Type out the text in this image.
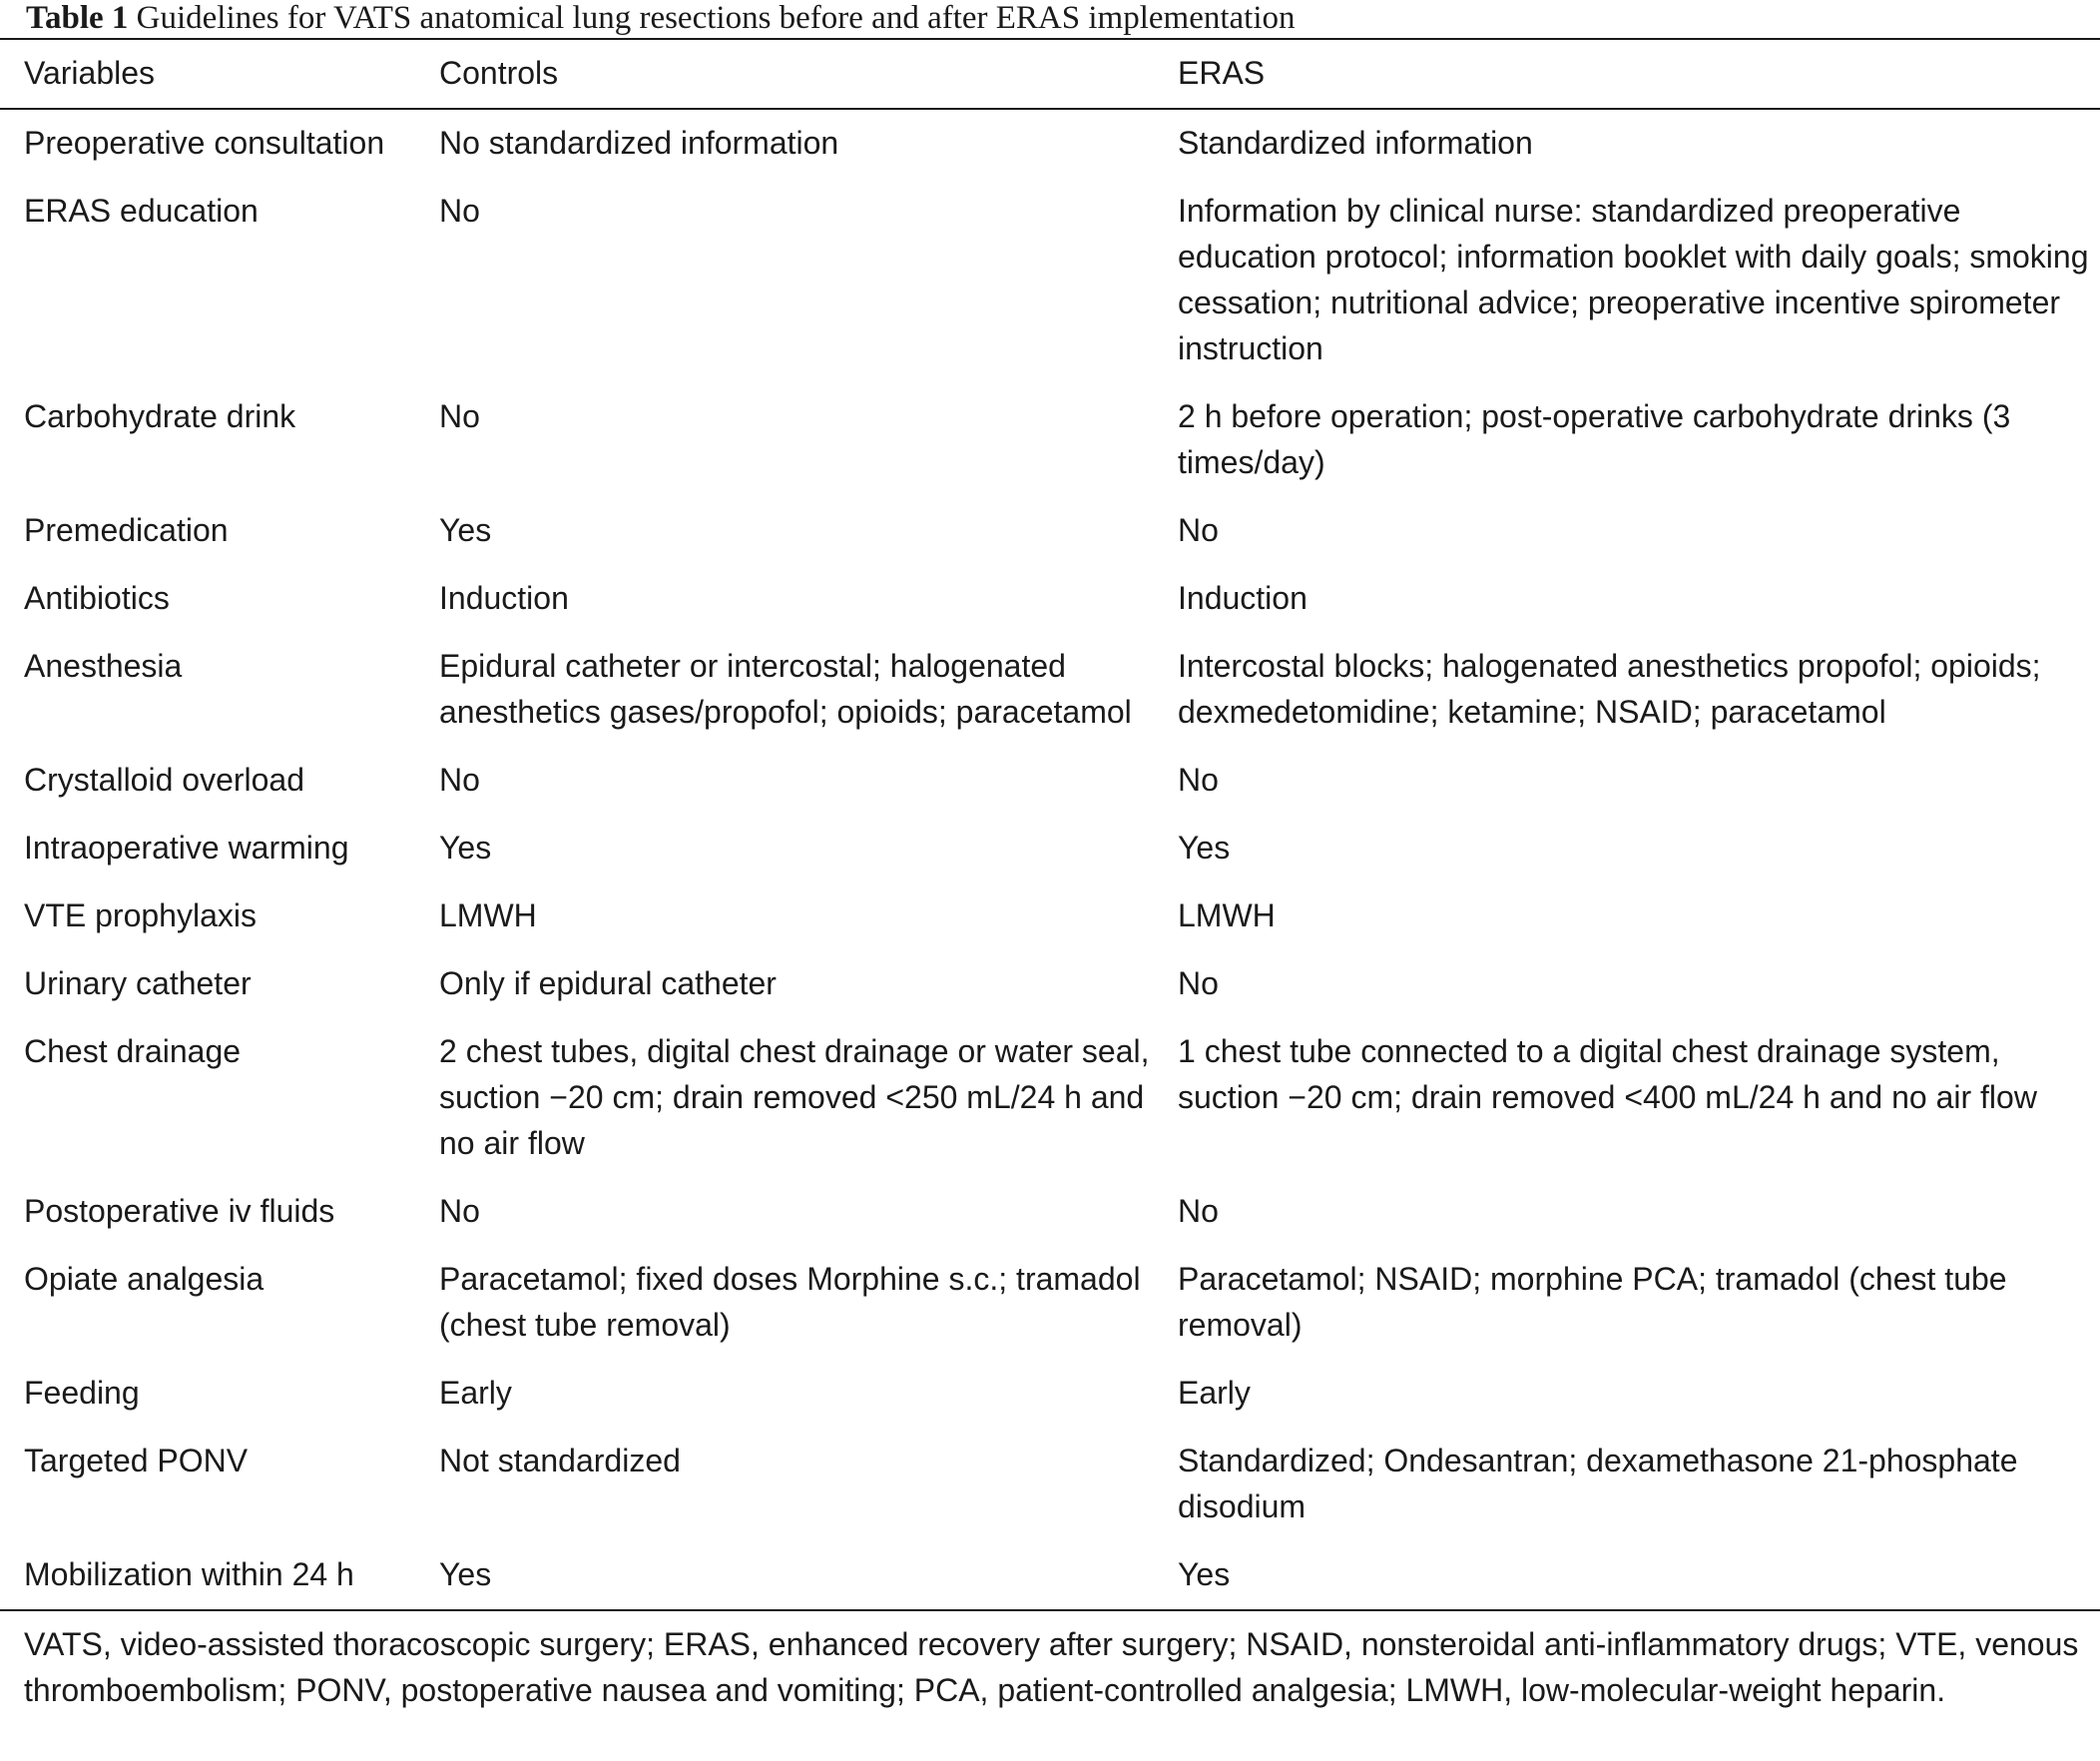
Table 1 Guidelines for VATS anatomical lung resections before and after ERAS implementation
Variables	Controls	ERAS
Preoperative consultation	No standardized information	Standardized information
ERAS education	No	Information by clinical nurse: standardized preoperative education protocol; information booklet with daily goals; smoking cessation; nutritional advice; preoperative incentive spirometer instruction
Carbohydrate drink	No	2 h before operation; post-operative carbohydrate drinks (3 times/day)
Premedication	Yes	No
Antibiotics	Induction	Induction
Anesthesia	Epidural catheter or intercostal; halogenated anesthetics gases/propofol; opioids; paracetamol	Intercostal blocks; halogenated anesthetics propofol; opioids; dexmedetomidine; ketamine; NSAID; paracetamol
Crystalloid overload	No	No
Intraoperative warming	Yes	Yes
VTE prophylaxis	LMWH	LMWH
Urinary catheter	Only if epidural catheter	No
Chest drainage	2 chest tubes, digital chest drainage or water seal, suction −20 cm; drain removed <250 mL/24 h and no air flow	1 chest tube connected to a digital chest drainage system, suction −20 cm; drain removed <400 mL/24 h and no air flow
Postoperative iv fluids	No	No
Opiate analgesia	Paracetamol; fixed doses Morphine s.c.; tramadol (chest tube removal)	Paracetamol; NSAID; morphine PCA; tramadol (chest tube removal)
Feeding	Early	Early
Targeted PONV	Not standardized	Standardized; Ondesantran; dexamethasone 21-phosphate disodium
Mobilization within 24 h	Yes	Yes
VATS, video-assisted thoracoscopic surgery; ERAS, enhanced recovery after surgery; NSAID, nonsteroidal anti-inflammatory drugs; VTE, venous thromboembolism; PONV, postoperative nausea and vomiting; PCA, patient-controlled analgesia; LMWH, low-molecular-weight heparin.
